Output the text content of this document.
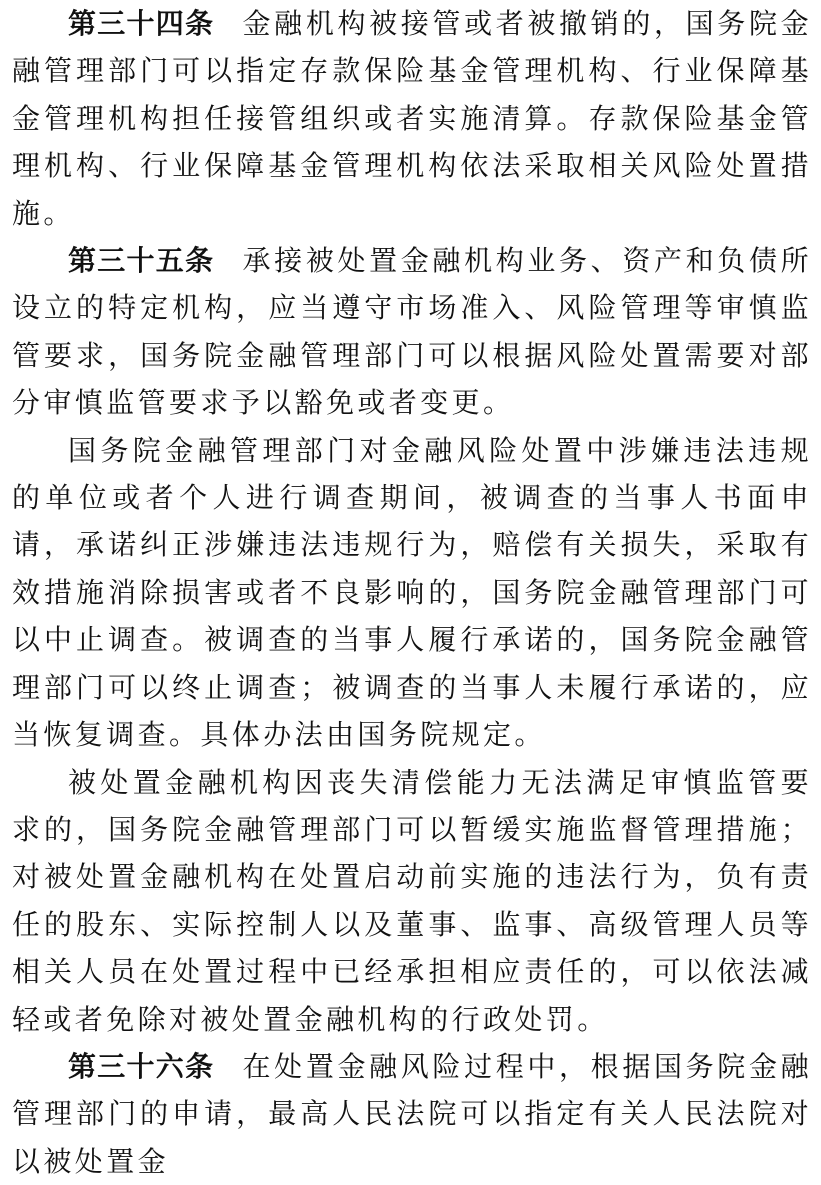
第三十四条 金融机构被接管或者被撤销的，国务院金融管理部门可以指定存款保险基金管理机构、行业保障基金管理机构担任接管组织或者实施清算。存款保险基金管理机构、行业保障基金管理机构依法采取相关风险处置措施。

第三十五条 承接被处置金融机构业务、资产和负债所设立的特定机构，应当遵守市场准入、风险管理等审慎监管要求，国务院金融管理部门可以根据风险处置需要对部分审慎监管要求予以豁免或者变更。

国务院金融管理部门对金融风险处置中涉嫌违法违规的单位或者个人进行调查期间，被调查的当事人书面申请，承诺纠正涉嫌违法违规行为，赔偿有关损失，采取有效措施消除损害或者不良影响的，国务院金融管理部门可以中止调查。被调查的当事人履行承诺的，国务院金融管理部门可以终止调查；被调查的当事人未履行承诺的，应当恢复调查。具体办法由国务院规定。

被处置金融机构因丧失清偿能力无法满足审慎监管要求的，国务院金融管理部门可以暂缓实施监督管理措施；对被处置金融机构在处置启动前实施的违法行为，负有责任的股东、实际控制人以及董事、监事、高级管理人员等相关人员在处置过程中已经承担相应责任的，可以依法减轻或者免除对被处置金融机构的行政处罚。

第三十六条 在处置金融风险过程中，根据国务院金融管理部门的申请，最高人民法院可以指定有关人民法院对以被处置金
